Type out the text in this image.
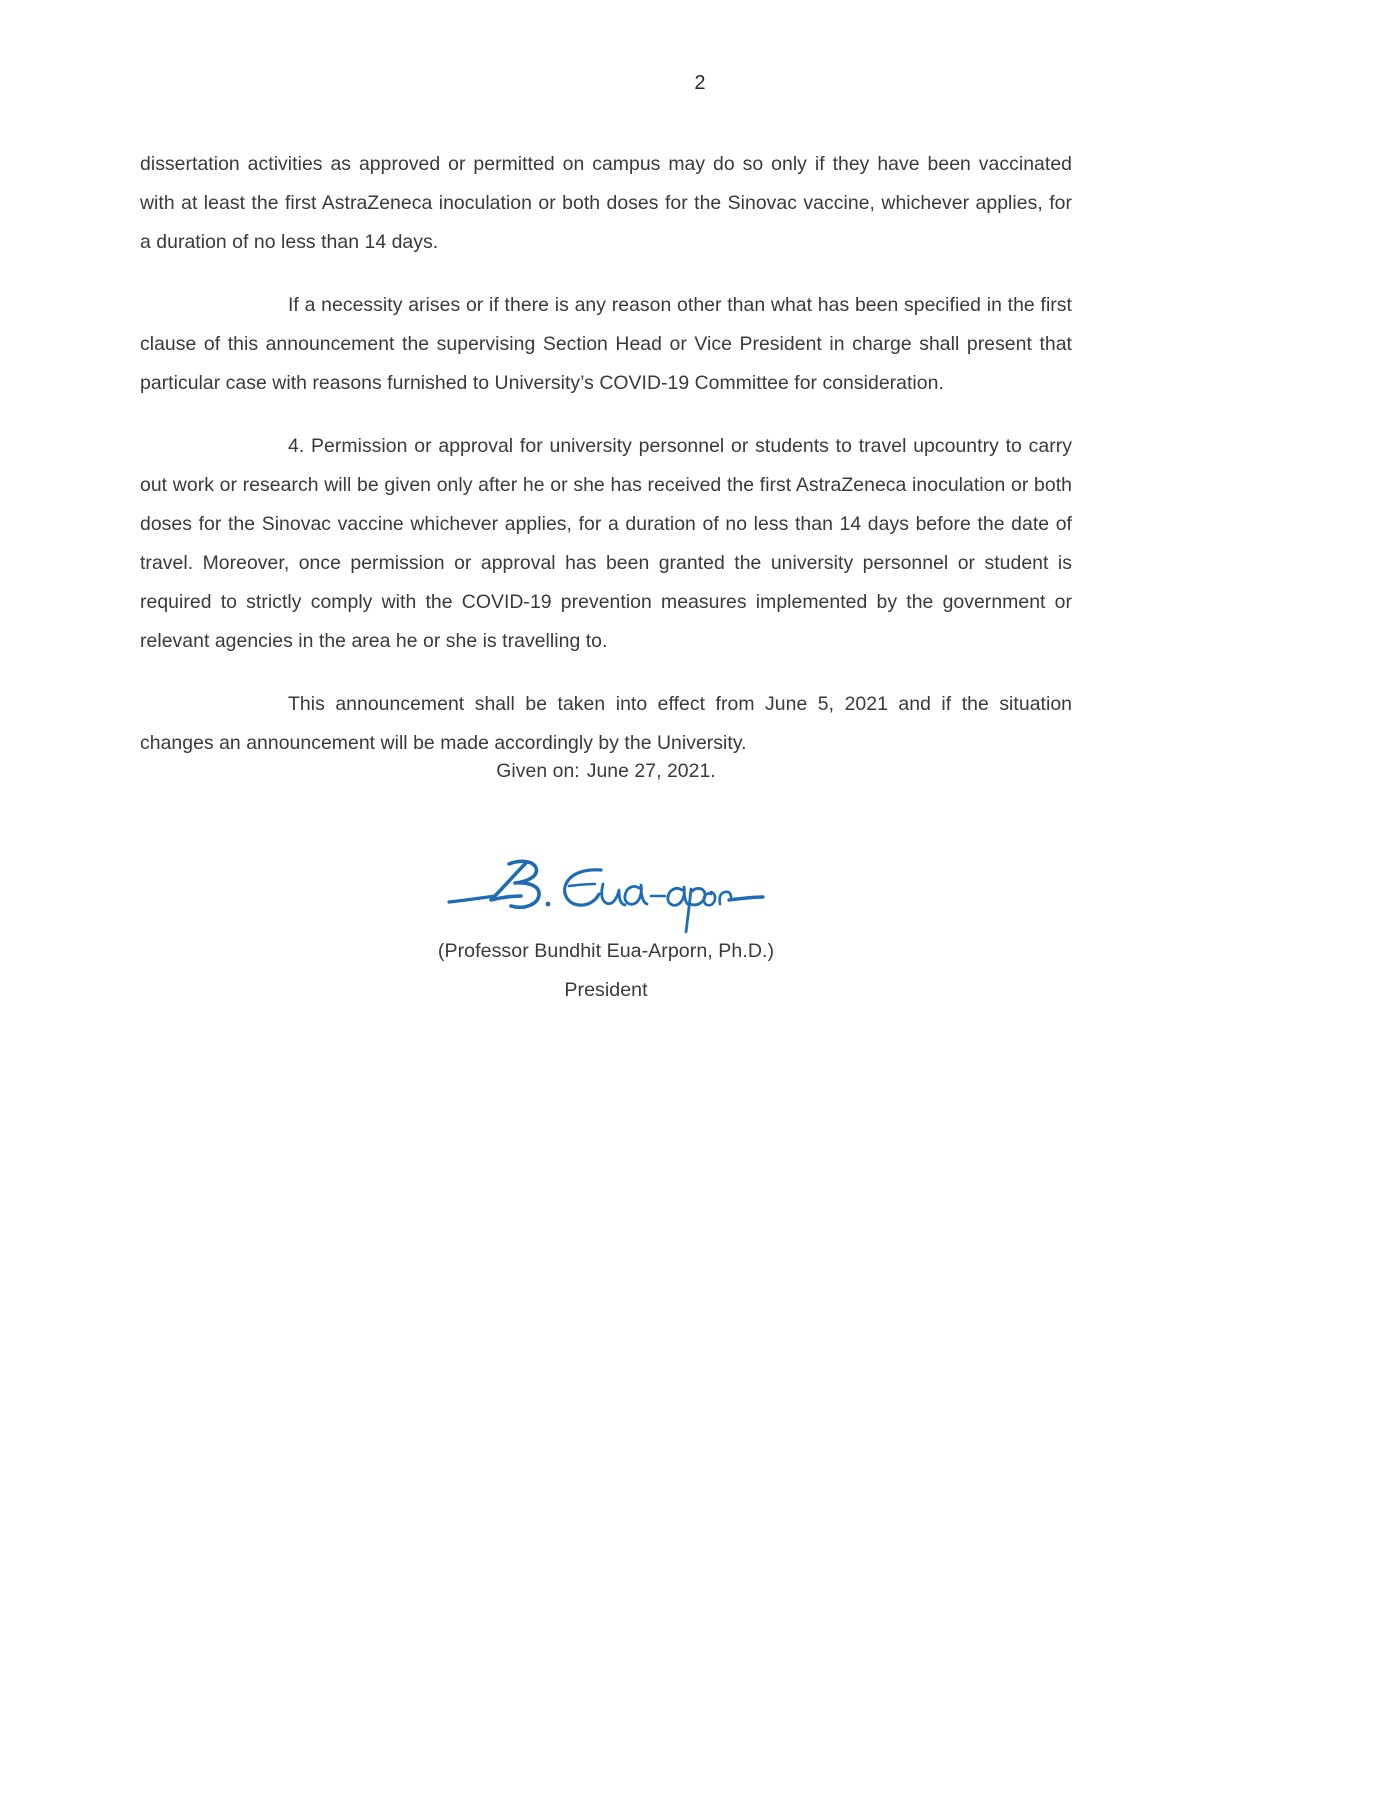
2

dissertation activities as approved or permitted on campus may do so only if they have been vaccinated with at least the first AstraZeneca inoculation or both doses for the Sinovac vaccine, whichever applies, for a duration of no less than 14 days.

If a necessity arises or if there is any reason other than what has been specified in the first clause of this announcement the supervising Section Head or Vice President in charge shall present that particular case with reasons furnished to University’s COVID-19 Committee for consideration.

4. Permission or approval for university personnel or students to travel upcountry to carry out work or research will be given only after he or she has received the first AstraZeneca inoculation or both doses for the Sinovac vaccine whichever applies, for a duration of no less than 14 days before the date of travel. Moreover, once permission or approval has been granted the university personnel or student is required to strictly comply with the COVID-19 prevention measures implemented by the government or relevant agencies in the area he or she is travelling to.

This announcement shall be taken into effect from June 5, 2021 and if the situation changes an announcement will be made accordingly by the University.

Given on: June 27, 2021.
(Professor Bundhit Eua-Arporn, Ph.D.)
President
